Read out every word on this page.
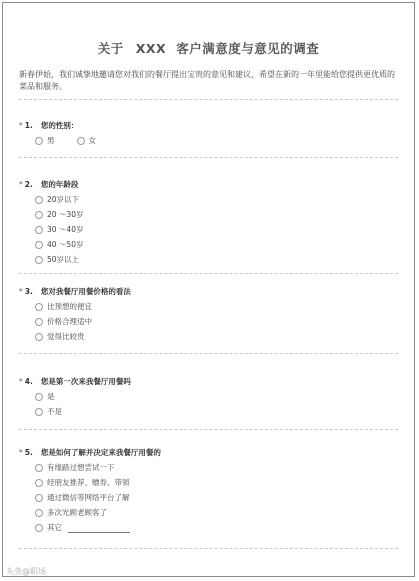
关于 XXX 客户满意度与意见的调查
新春伊始，我们诚挚地邀请您对我们的餐厅提出宝贵的意见和建议，希望在新的一年里能给您提供更优质的菜品和服务。
* 1. 您的性别：
男	女
* 2. 您的年龄段
20岁以下
20 ～30岁
30 ～40岁
40 ～50岁
50岁以上
* 3. 您对我餐厅用餐价格的看法
比预想的便宜
价格合理适中
觉得比较贵
* 4. 您是第一次来我餐厅用餐吗
是
不是
* 5. 您是如何了解并决定来我餐厅用餐的
有缘路过想尝试一下
经朋友推荐、赠券、带领
通过微信等网络平台了解
多次光顾老顾客了
其它
头条@职场
